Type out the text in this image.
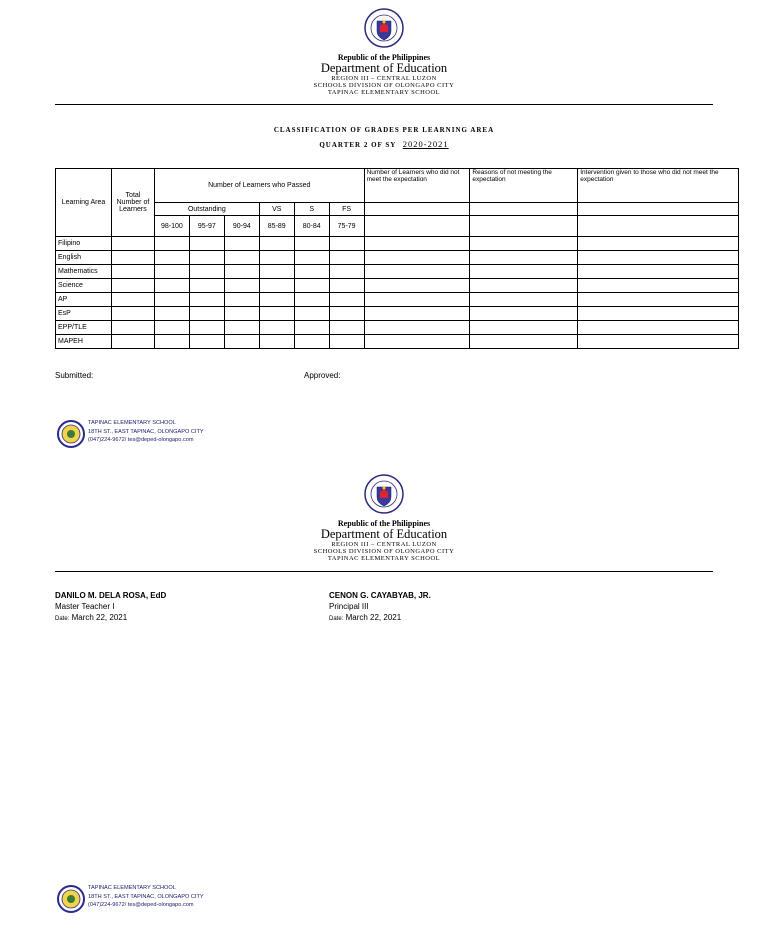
Republic of the Philippines
Department of Education
REGION III – CENTRAL LUZON
SCHOOLS DIVISION OF OLONGAPO CITY
TAPINAC ELEMENTARY SCHOOL
CLASSIFICATION OF GRADES PER LEARNING AREA
QUARTER 2 OF SY 2020-2021
Learning Area	Total Number of Learners	Number of Learners who Passed						Number of Learners who did not meet the expectation	Reasons of not meeting the expectation	Intervention given to those who did not meet the expectation
		Outstanding			VS	S	FS			
		98-100	95-97	90-94	85-89	80-84	75-79			
Filipino										
English										
Mathematics										
Science										
AP										
EsP										
EPP/TLE										
MAPEH										
Submitted:	Approved:
TAPINAC ELEMENTARY SCHOOL
18TH ST., EAST TAPINAC, OLONGAPO CITY
(047)224-9672/ tes@deped-olongapo.com
Republic of the Philippines
Department of Education
REGION III – CENTRAL LUZON
SCHOOLS DIVISION OF OLONGAPO CITY
TAPINAC ELEMENTARY SCHOOL
DANILO M. DELA ROSA, EdD
Master Teacher I
Date: March 22, 2021
CENON G. CAYABYAB, JR.
Principal III
Date: March 22, 2021
TAPINAC ELEMENTARY SCHOOL
18TH ST., EAST TAPINAC, OLONGAPO CITY
(047)224-9672/ tes@deped-olongapo.com
